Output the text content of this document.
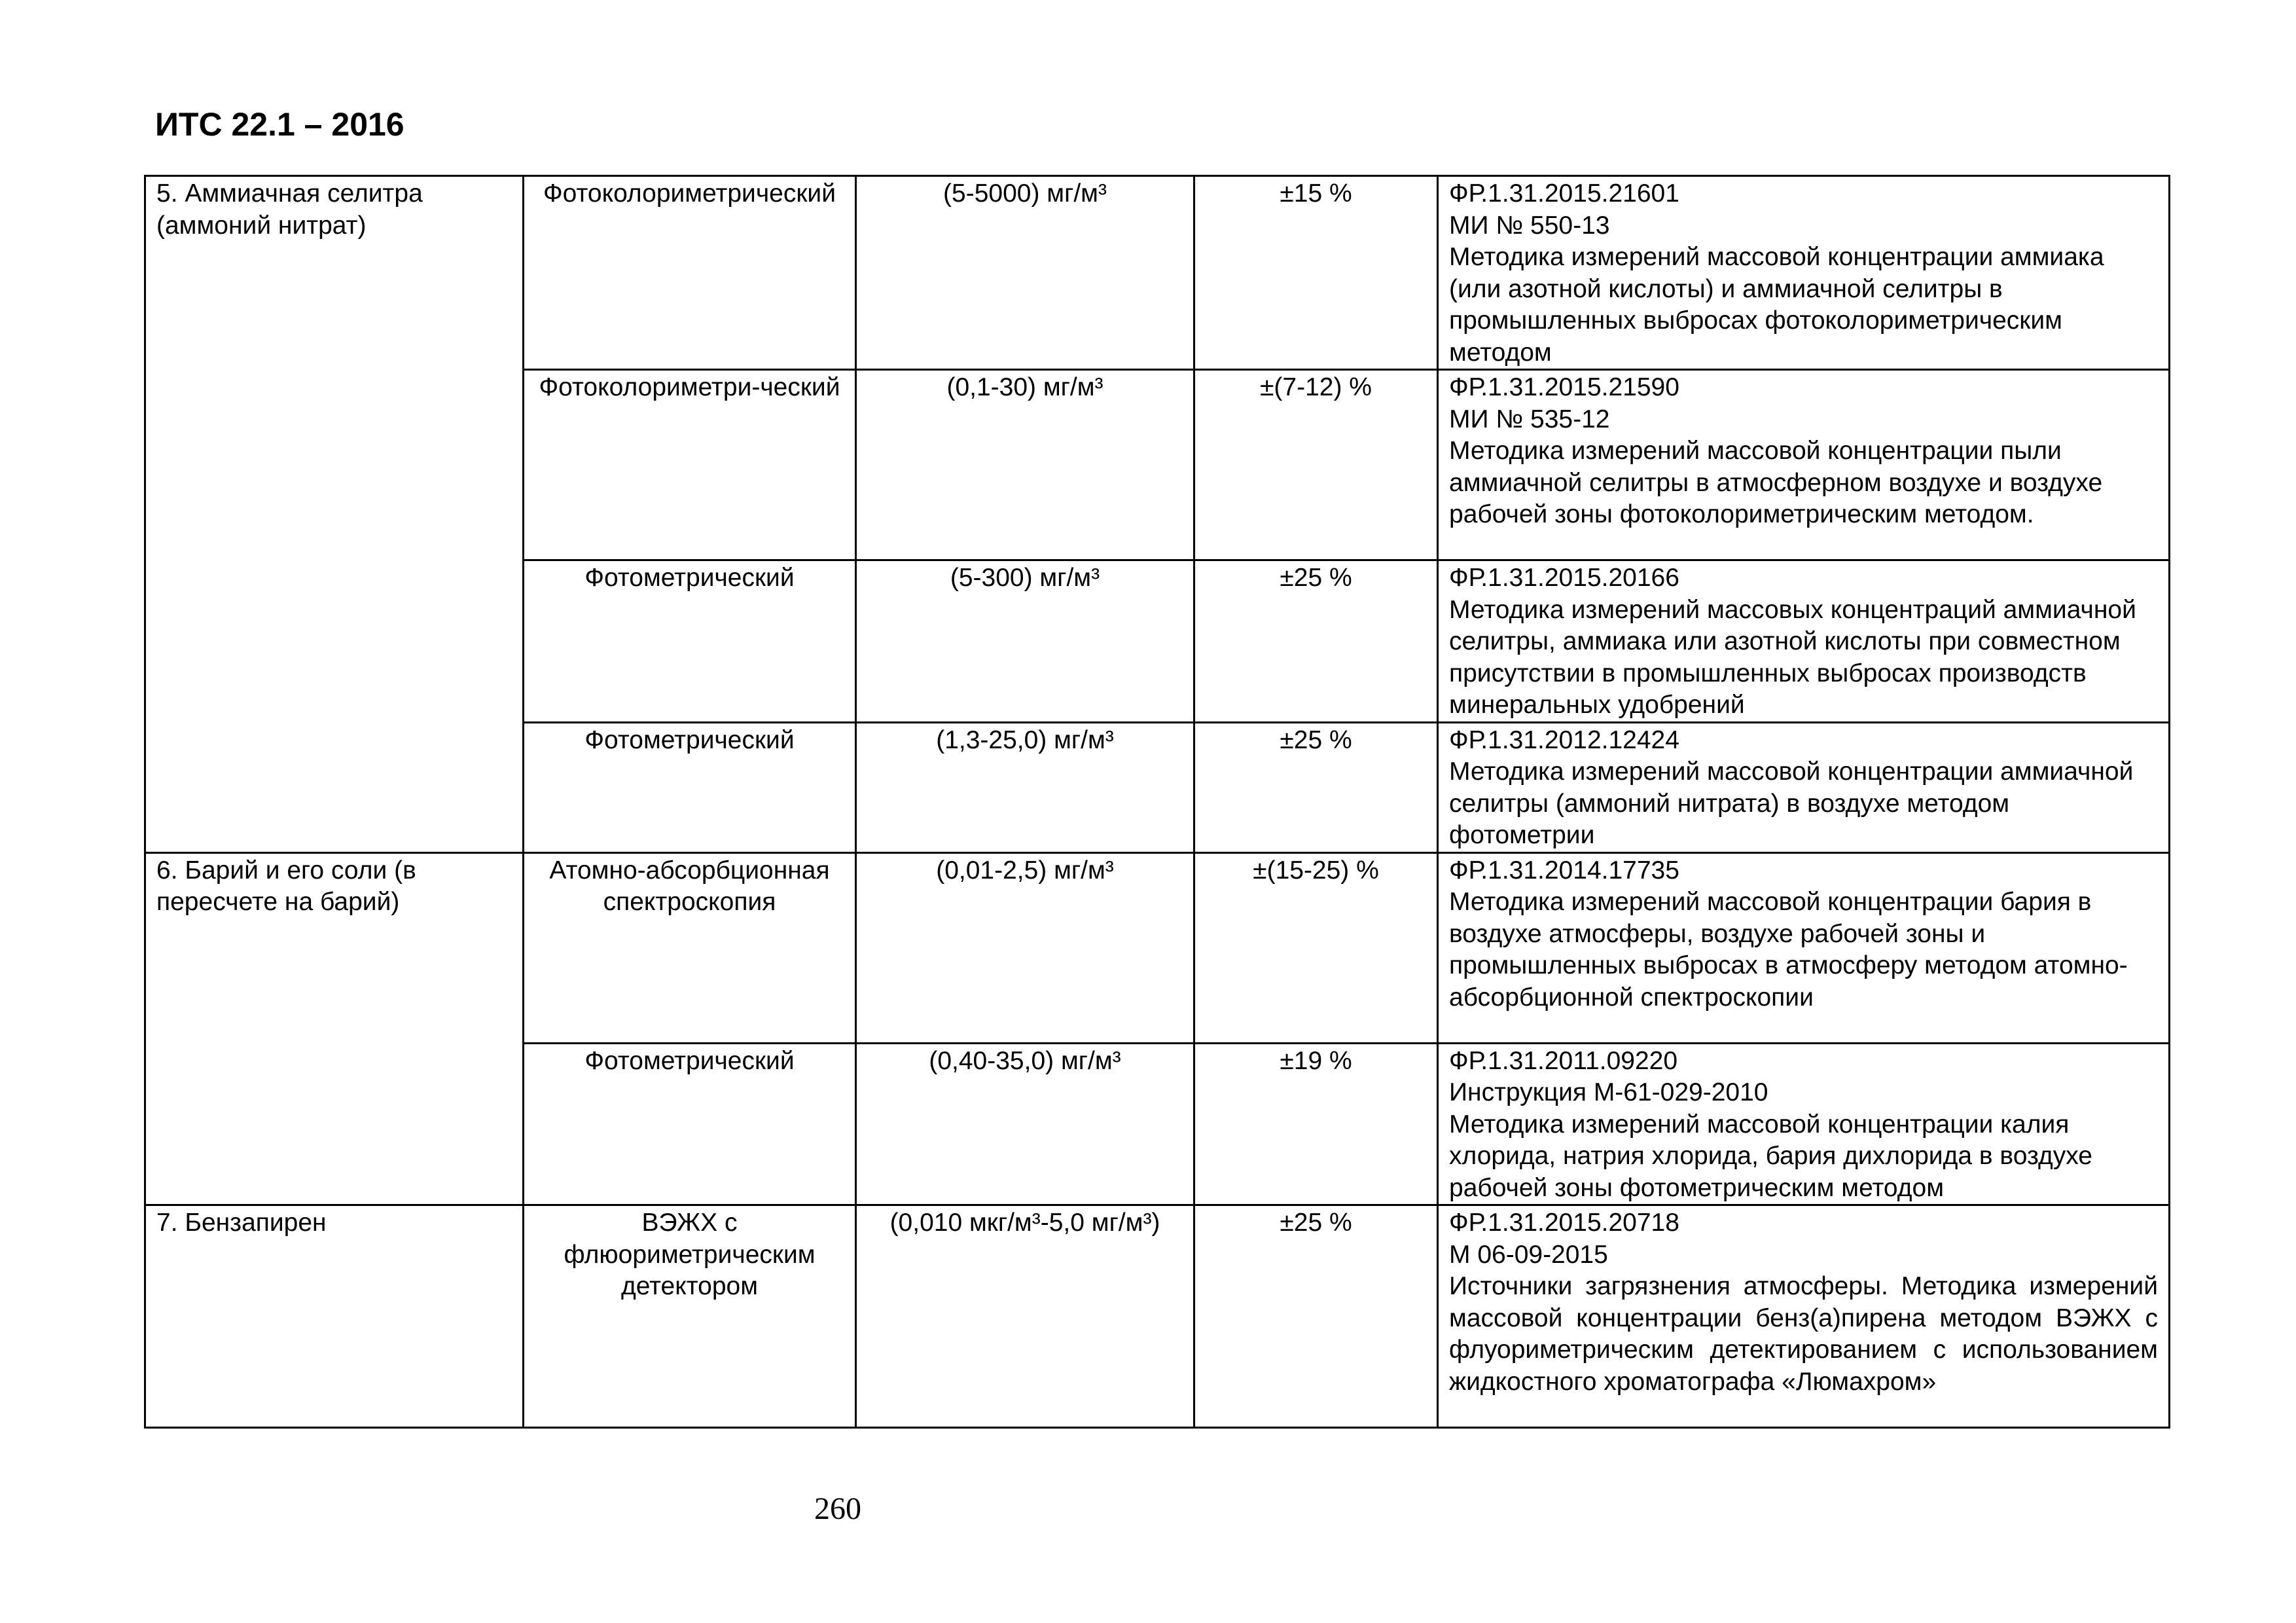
ИТС 22.1 – 2016
5. Аммиачная селитра (аммоний нитрат)	Фотоколориметрический	(5-5000) мг/м³	±15 %	ФР.1.31.2015.21601
МИ № 550-13
Методика измерений массовой концентрации аммиака (или азотной кислоты) и аммиачной селитры в промышленных выбросах фотоколориметрическим методом

	Фотоколориметри-ческий	(0,1-30) мг/м³	±(7-12) %	ФР.1.31.2015.21590
МИ № 535-12
Методика измерений массовой концентрации пыли аммиачной селитры в атмосферном воздухе и воздухе рабочей зоны фотоколориметрическим методом.

	Фотометрический	(5-300) мг/м³	±25 %	ФР.1.31.2015.20166
Методика измерений массовых концентраций аммиачной селитры, аммиака или азотной кислоты при совместном присутствии в промышленных выбросах производств минеральных удобрений

	Фотометрический	(1,3-25,0) мг/м³	±25 %	ФР.1.31.2012.12424
Методика измерений массовой концентрации аммиачной селитры (аммоний нитрата) в воздухе методом фотометрии

6. Барий и его соли (в пересчете на барий)	Атомно-абсорбционная спектроскопия	(0,01-2,5) мг/м³	±(15-25) %	ФР.1.31.2014.17735
Методика измерений массовой концентрации бария в воздухе атмосферы, воздухе рабочей зоны и промышленных выбросах в атмосферу методом атомно-абсорбционной спектроскопии

	Фотометрический	(0,40-35,0) мг/м³	±19 %	ФР.1.31.2011.09220
Инструкция М-61-029-2010
Методика измерений массовой концентрации калия хлорида, натрия хлорида, бария дихлорида в воздухе рабочей зоны фотометрическим методом

7. Бензапирен	ВЭЖХ с флюориметрическим детектором	(0,010 мкг/м³-5,0 мг/м³)	±25 %	ФР.1.31.2015.20718
М 06-09-2015
Источники загрязнения атмосферы. Методика измерений массовой концентрации бенз(а)пирена методом ВЭЖХ с флуориметрическим детектированием с использованием жидкостного хроматографа «Люмахром»
260
